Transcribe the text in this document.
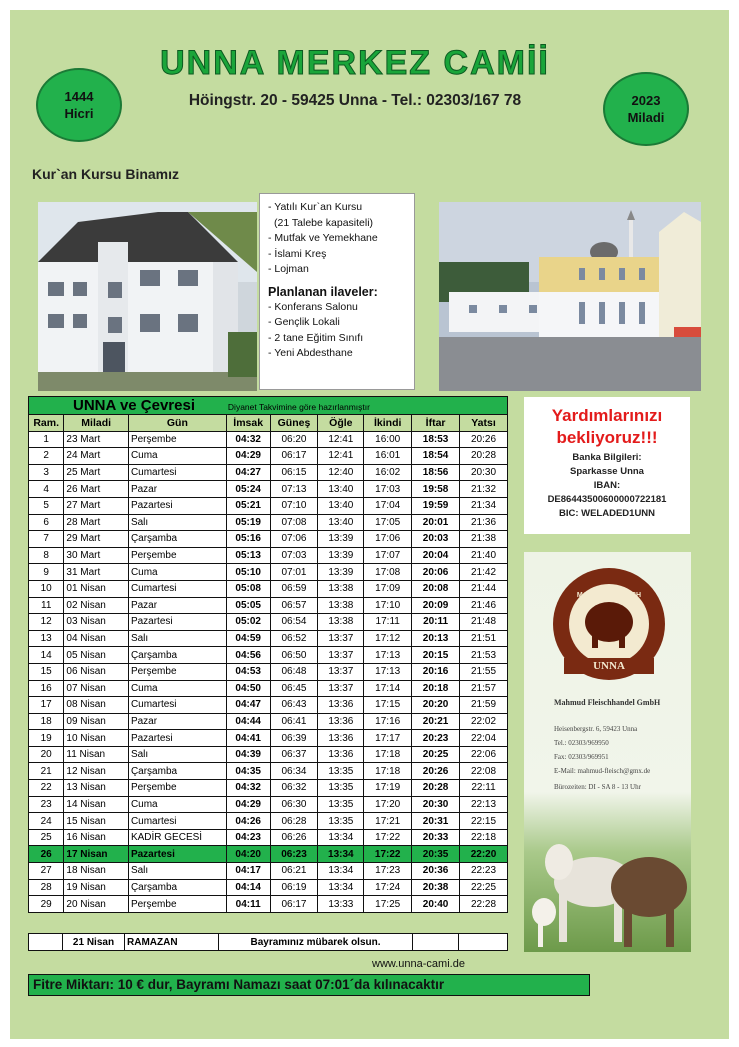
1444
Hicri
2023
Miladi
UNNA MERKEZ CAMİİ
Höingstr. 20 - 59425 Unna - Tel.: 02303/167 78
Kur`an Kursu Binamız
- Yatılı Kur`an Kursu
(21 Talebe kapasiteli)
- Mutfak ve Yemekhane
- İslami Kreş
- Lojman
Planlanan ilaveler:
- Konferans Salonu
- Gençlik Lokali
- 2 tane Eğitim Sınıfı
- Yeni Abdesthane
UNNA ve Çevresi Diyanet Takvimine göre hazırlanmıştır								
Ram.	Miladi	Gün	İmsak	Güneş	Öğle	İkindi	İftar	Yatsı
1	23 Mart	Perşembe	04:32	06:20	12:41	16:00	18:53	20:26
2	24 Mart	Cuma	04:29	06:17	12:41	16:01	18:54	20:28
3	25 Mart	Cumartesi	04:27	06:15	12:40	16:02	18:56	20:30
4	26 Mart	Pazar	05:24	07:13	13:40	17:03	19:58	21:32
5	27 Mart	Pazartesi	05:21	07:10	13:40	17:04	19:59	21:34
6	28 Mart	Salı	05:19	07:08	13:40	17:05	20:01	21:36
7	29 Mart	Çarşamba	05:16	07:06	13:39	17:06	20:03	21:38
8	30 Mart	Perşembe	05:13	07:03	13:39	17:07	20:04	21:40
9	31 Mart	Cuma	05:10	07:01	13:39	17:08	20:06	21:42
10	01 Nisan	Cumartesi	05:08	06:59	13:38	17:09	20:08	21:44
11	02 Nisan	Pazar	05:05	06:57	13:38	17:10	20:09	21:46
12	03 Nisan	Pazartesi	05:02	06:54	13:38	17:11	20:11	21:48
13	04 Nisan	Salı	04:59	06:52	13:37	17:12	20:13	21:51
14	05 Nisan	Çarşamba	04:56	06:50	13:37	17:13	20:15	21:53
15	06 Nisan	Perşembe	04:53	06:48	13:37	17:13	20:16	21:55
16	07 Nisan	Cuma	04:50	06:45	13:37	17:14	20:18	21:57
17	08 Nisan	Cumartesi	04:47	06:43	13:36	17:15	20:20	21:59
18	09 Nisan	Pazar	04:44	06:41	13:36	17:16	20:21	22:02
19	10 Nisan	Pazartesi	04:41	06:39	13:36	17:17	20:23	22:04
20	11 Nisan	Salı	04:39	06:37	13:36	17:18	20:25	22:06
21	12 Nisan	Çarşamba	04:35	06:34	13:35	17:18	20:26	22:08
22	13 Nisan	Perşembe	04:32	06:32	13:35	17:19	20:28	22:11
23	14 Nisan	Cuma	04:29	06:30	13:35	17:20	20:30	22:13
24	15 Nisan	Cumartesi	04:26	06:28	13:35	17:21	20:31	22:15
25	16 Nisan	KADİR GECESİ	04:23	06:26	13:34	17:22	20:33	22:18
26	17 Nisan	Pazartesi	04:20	06:23	13:34	17:22	20:35	22:20
27	18 Nisan	Salı	04:17	06:21	13:34	17:23	20:36	22:23
28	19 Nisan	Çarşamba	04:14	06:19	13:34	17:24	20:38	22:25
29	20 Nisan	Perşembe	04:11	06:17	13:33	17:25	20:40	22:28
21 Nisan	RAMAZAN	Bayramınız mübarek olsun.
Yardımlarınızı
bekliyoruz!!!
Banka Bilgileri:
Sparkasse Unna
IBAN:
DE86443500600000722181
BIC: WELADED1UNN
MAHMUD-FLEISCH
UNNA
Mahmud Fleischhandel GmbH
Heisenbergstr. 6, 59423 Unna
Tel.: 02303/969950
Fax: 02303/969951
E-Mail: mahmud-fleisch@gmx.de
Bürozeiten: DI - SA 8 - 13 Uhr
www.unna-cami.de
Fitre Miktarı: 10 € dur, Bayramı Namazı saat 07:01´da kılınacaktır
